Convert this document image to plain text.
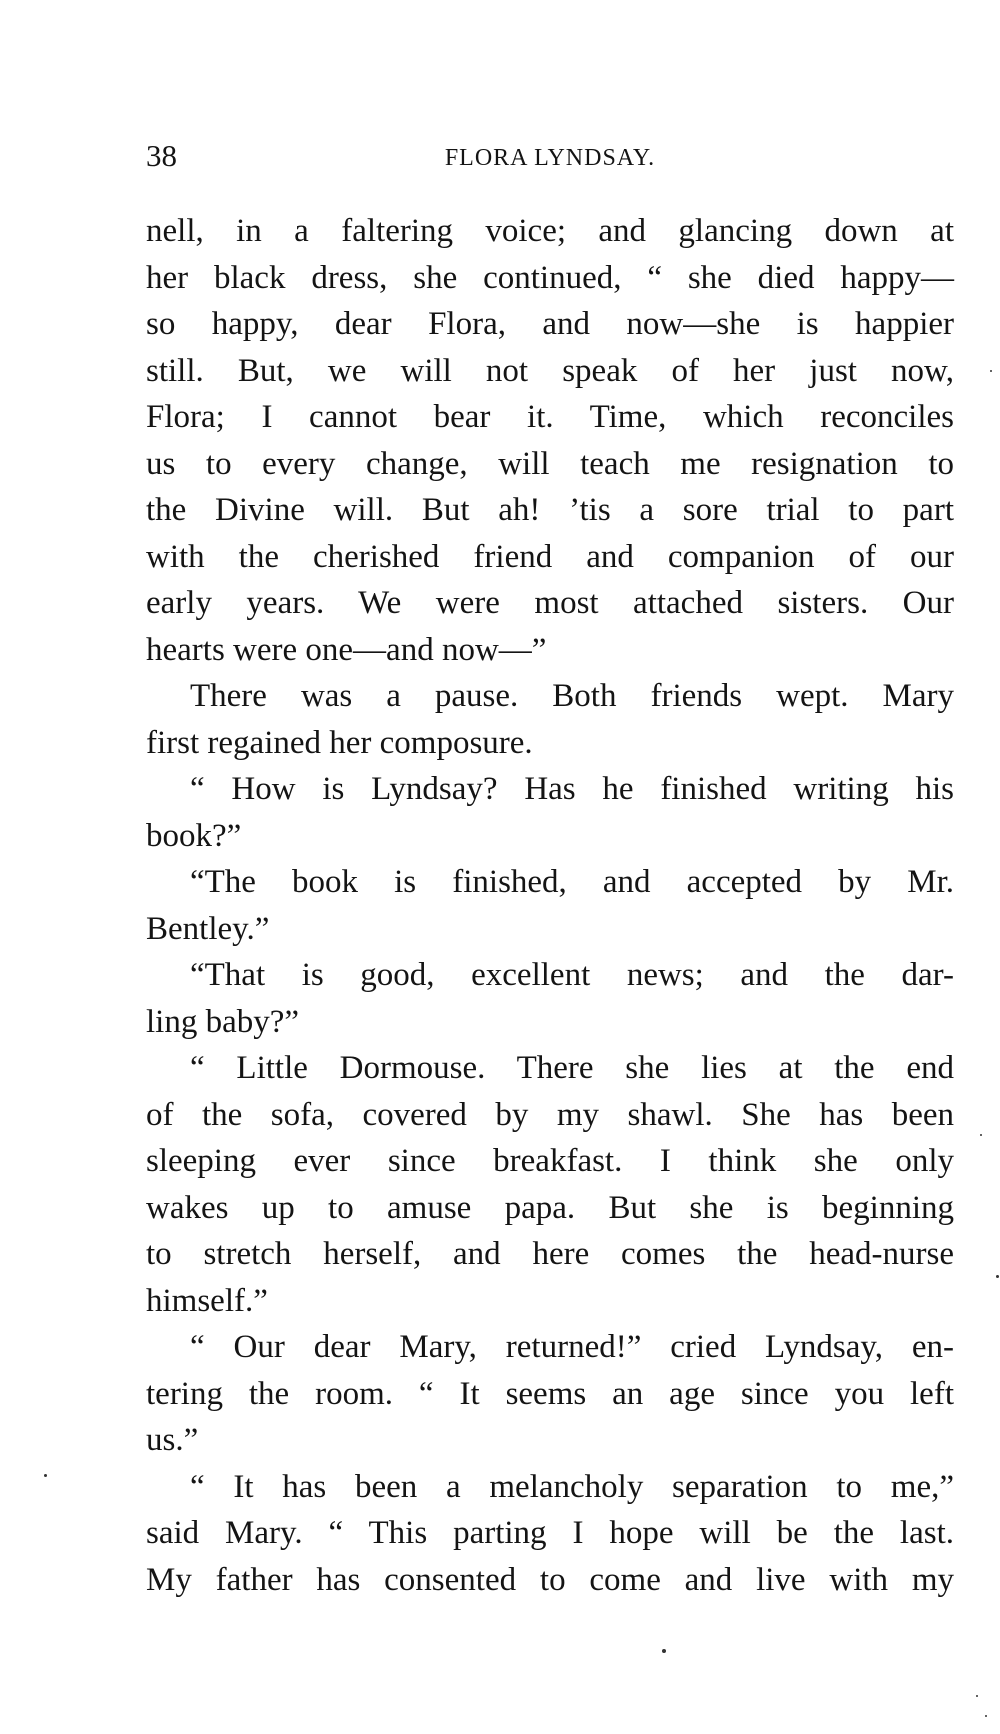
38	FLORA LYNDSAY.
nell, in a faltering voice; and glancing down at
her black dress, she continued, “ she died happy—
so happy, dear Flora, and now—she is happier
still. But, we will not speak of her just now,
Flora; I cannot bear it. Time, which reconciles
us to every change, will teach me resignation to
the Divine will. But ah! ’tis a sore trial to part
with the cherished friend and companion of our
early years. We were most attached sisters. Our
hearts were one—and now—”
There was a pause. Both friends wept. Mary
first regained her composure.
“ How is Lyndsay? Has he finished writing his
book?”
“The book is finished, and accepted by Mr.
Bentley.”
“That is good, excellent news; and the dar-
ling baby?”
“ Little Dormouse. There she lies at the end
of the sofa, covered by my shawl. She has been
sleeping ever since breakfast. I think she only
wakes up to amuse papa. But she is beginning
to stretch herself, and here comes the head-nurse
himself.”
“ Our dear Mary, returned!” cried Lyndsay, en-
tering the room. “ It seems an age since you left
us.”
“ It has been a melancholy separation to me,”
said Mary. “ This parting I hope will be the last.
My father has consented to come and live with my
